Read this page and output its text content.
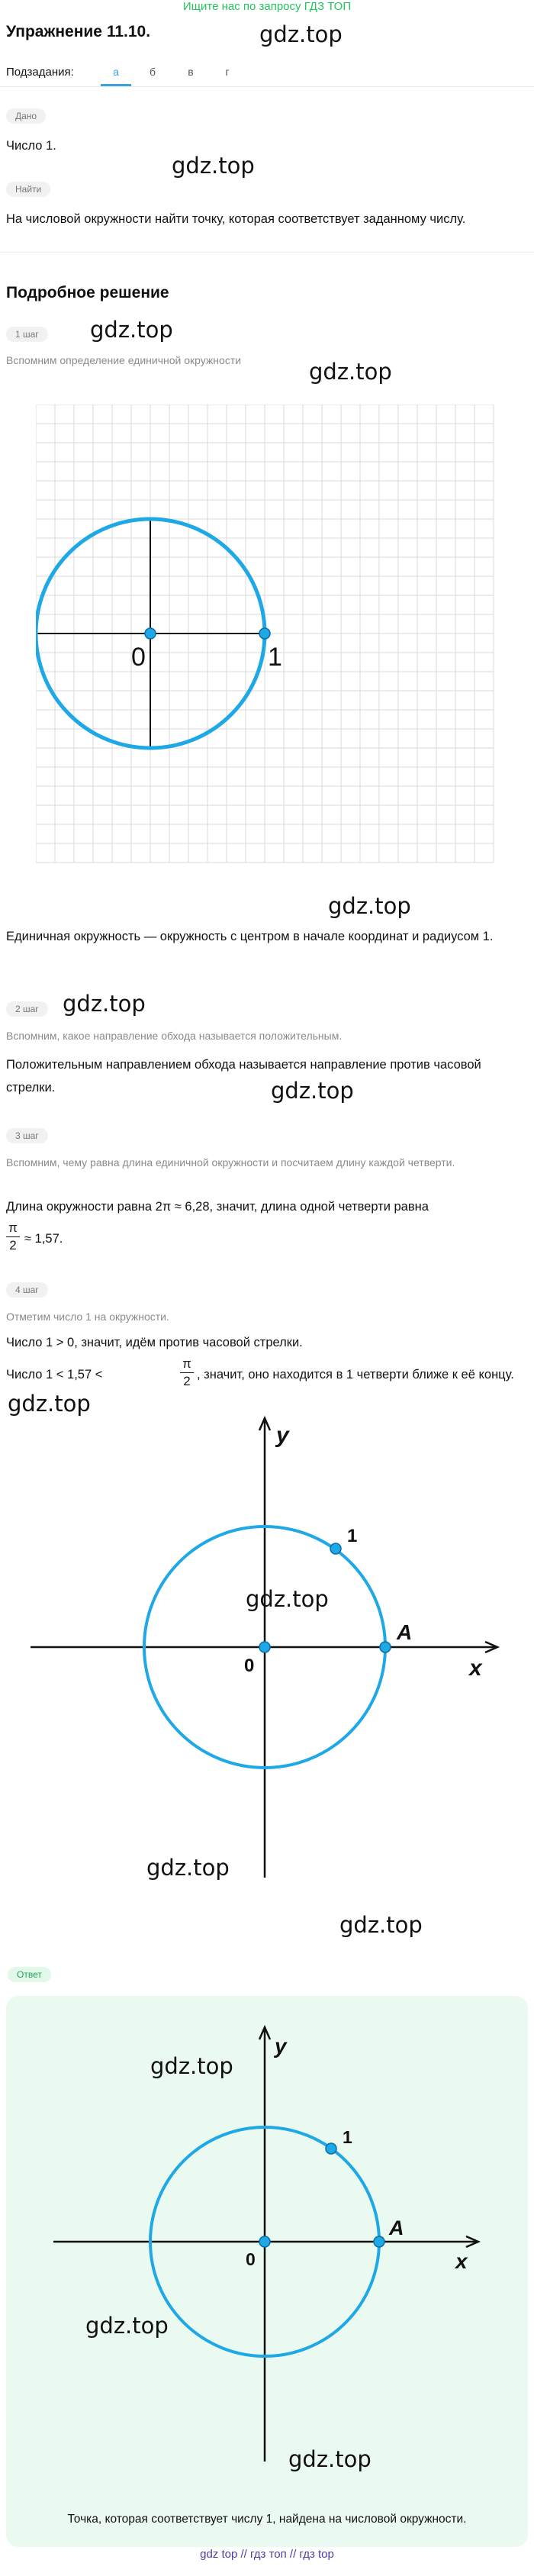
Ищите нас по запросу ГДЗ ТОП
Упражнение 11.10.	gdz.top
Подзадания:	а	б	в	г
Дано
Число 1.
gdz.top
Найти
На числовой окружности найти точку, которая соответствует заданному числу.
Подробное решение
1 шаг	gdz.top
Вспомним определение единичной окружности	gdz.top
0	1
gdz.top
Единичная окружность — окружность с центром в начале координат и радиусом 1.
2 шаг	gdz.top
Вспомним, какое направление обхода называется положительным.
Положительным направлением обхода называется направление против часовой стрелки.	gdz.top
3 шаг
Вспомним, чему равна длина единичной окружности и посчитаем длину каждой четверти.
Длина окружности равна 2π ≈ 6,28, значит, длина одной четверти равна
$\frac{\pi}{2} \approx 1,57$.
4 шаг
Отметим число 1 на окружности.
Число 1 > 0, значит, идём против часовой стрелки.
Число 1 < 1,57 <	$\frac{\pi}{2}$ , значит, оно находится в 1 четверти ближе к её концу.
gdz.top
y
x
0
A
1
gdz.top
gdz.top
gdz.top
Ответ
y
x
0
A
1
gdz.top
gdz.top
gdz.top
Точка, которая соответствует числу 1, найдена на числовой окружности.
gdz top // гдз топ // гдз top
